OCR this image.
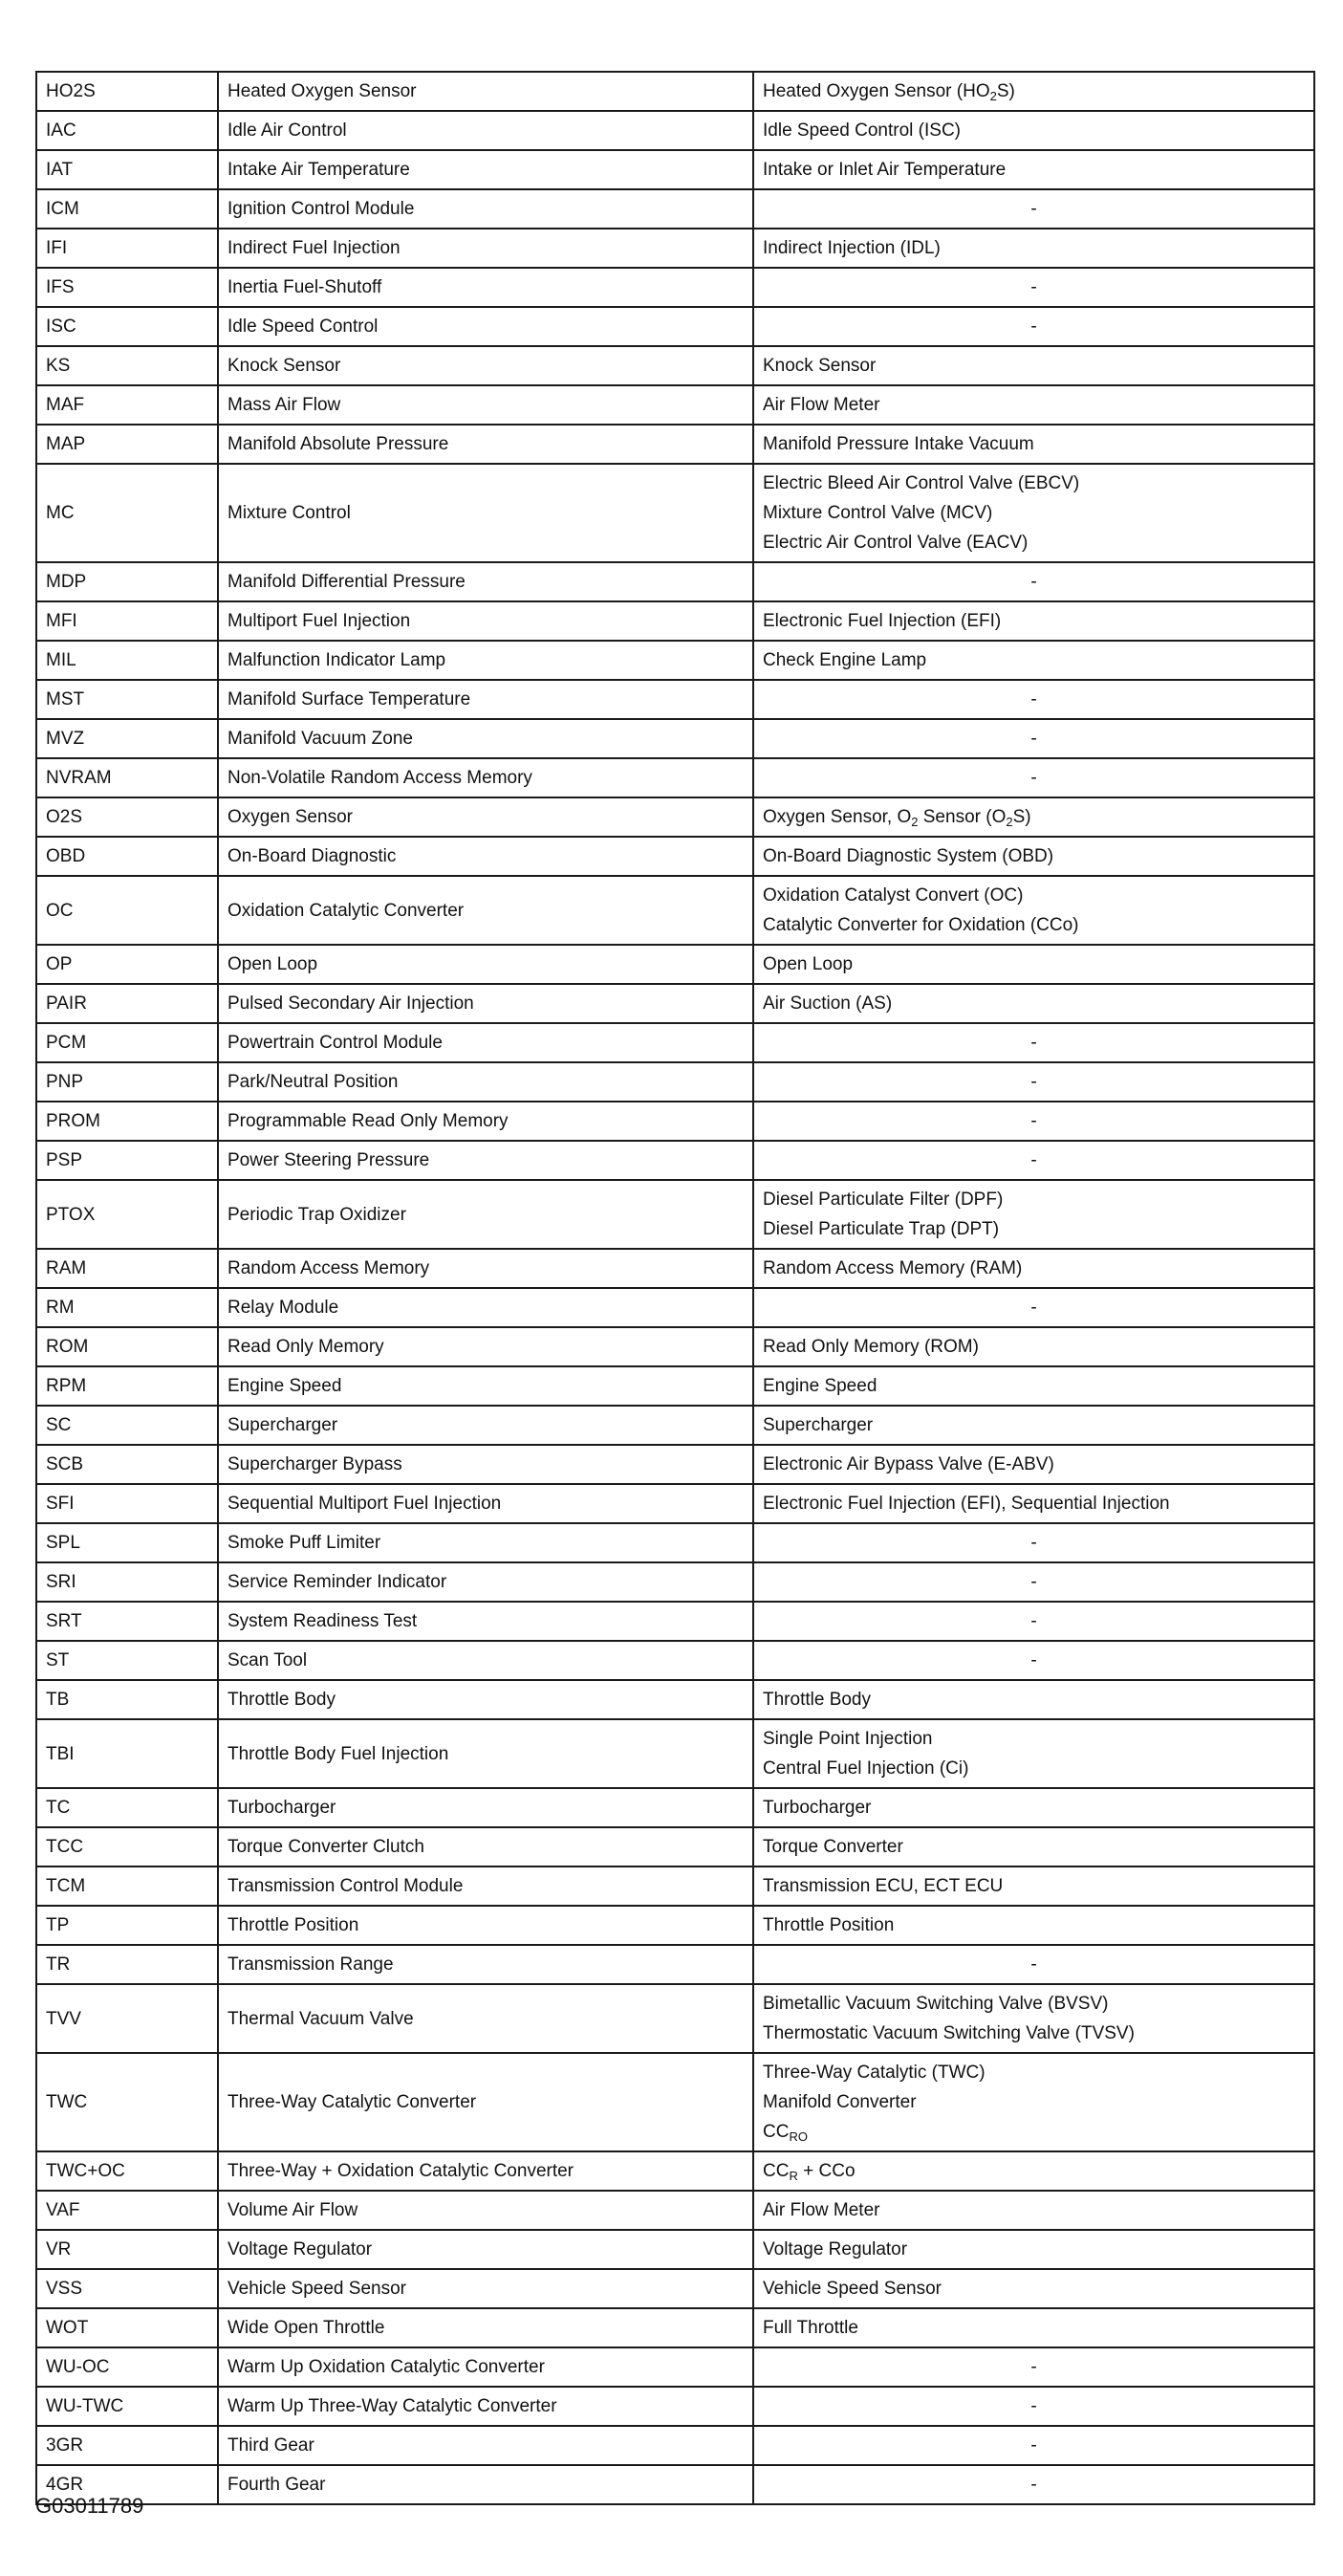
HO2S	Heated Oxygen Sensor	Heated Oxygen Sensor $(HO_2S)$

IAC	Idle Air Control	Idle Speed Control (ISC)

IAT	Intake Air Temperature	Intake or Inlet Air Temperature

ICM	Ignition Control Module	-

IFI	Indirect Fuel Injection	Indirect Injection (IDL)

IFS	Inertia Fuel-Shutoff	-

ISC	Idle Speed Control	-

KS	Knock Sensor	Knock Sensor

MAF	Mass Air Flow	Air Flow Meter

MAP	Manifold Absolute Pressure	Manifold Pressure Intake Vacuum

MC	Mixture Control	Electric Bleed Air Control Valve (EBCV)
Mixture Control Valve (MCV)
Electric Air Control Valve (EACV)

MDP	Manifold Differential Pressure	-

MFI	Multiport Fuel Injection	Electronic Fuel Injection (EFI)

MIL	Malfunction Indicator Lamp	Check Engine Lamp

MST	Manifold Surface Temperature	-

MVZ	Manifold Vacuum Zone	-

NVRAM	Non-Volatile Random Access Memory	-

O2S	Oxygen Sensor	Oxygen Sensor, $O_2$ Sensor $(O_2S)$

OBD	On-Board Diagnostic	On-Board Diagnostic System (OBD)

OC	Oxidation Catalytic Converter	Oxidation Catalyst Convert (OC)
Catalytic Converter for Oxidation (CCo)

OP	Open Loop	Open Loop

PAIR	Pulsed Secondary Air Injection	Air Suction (AS)

PCM	Powertrain Control Module	-

PNP	Park/Neutral Position	-

PROM	Programmable Read Only Memory	-

PSP	Power Steering Pressure	-

PTOX	Periodic Trap Oxidizer	Diesel Particulate Filter (DPF)
Diesel Particulate Trap (DPT)

RAM	Random Access Memory	Random Access Memory (RAM)

RM	Relay Module	-

ROM	Read Only Memory	Read Only Memory (ROM)

RPM	Engine Speed	Engine Speed

SC	Supercharger	Supercharger

SCB	Supercharger Bypass	Electronic Air Bypass Valve (E-ABV)

SFI	Sequential Multiport Fuel Injection	Electronic Fuel Injection (EFI), Sequential Injection

SPL	Smoke Puff Limiter	-

SRI	Service Reminder Indicator	-

SRT	System Readiness Test	-

ST	Scan Tool	-

TB	Throttle Body	Throttle Body

TBI	Throttle Body Fuel Injection	Single Point Injection
Central Fuel Injection (Ci)

TC	Turbocharger	Turbocharger

TCC	Torque Converter Clutch	Torque Converter

TCM	Transmission Control Module	Transmission ECU, ECT ECU

TP	Throttle Position	Throttle Position

TR	Transmission Range	-

TVV	Thermal Vacuum Valve	Bimetallic Vacuum Switching Valve (BVSV)
Thermostatic Vacuum Switching Valve (TVSV)

TWC	Three-Way Catalytic Converter	Three-Way Catalytic (TWC)
Manifold Converter
$CC_{RO}$

TWC+OC	Three-Way + Oxidation Catalytic Converter	$CC_R$ + CCo

VAF	Volume Air Flow	Air Flow Meter

VR	Voltage Regulator	Voltage Regulator

VSS	Vehicle Speed Sensor	Vehicle Speed Sensor

WOT	Wide Open Throttle	Full Throttle

WU-OC	Warm Up Oxidation Catalytic Converter	-

WU-TWC	Warm Up Three-Way Catalytic Converter	-

3GR	Third Gear	-

4GR	Fourth Gear	-
G03011789
